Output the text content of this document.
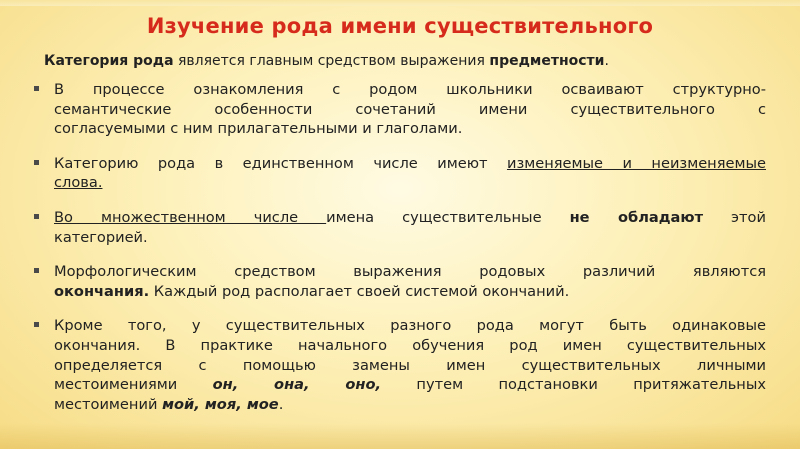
Изучение рода имени существительного
Категория рода является главным средством выражения предметности.
В процессе ознакомления с родом школьники осваивают структурно-
семантические особенности сочетаний имени существительного с
согласуемыми с ним прилагательными и глаголами.
Категорию рода в единственном числе имеют изменяемые и неизменяемые
слова.
Во множественном числе имена существительные не обладают этой
категорией.
Морфологическим средством выражения родовых различий являются
окончания. Каждый род располагает своей системой окончаний.
Кроме того, у существительных разного рода могут быть одинаковые
окончания. В практике начального обучения род имен существительных
определяется с помощью замены имен существительных личными
местоимениями он, она, оно, путем подстановки притяжательных
местоимений мой, моя, мое.
